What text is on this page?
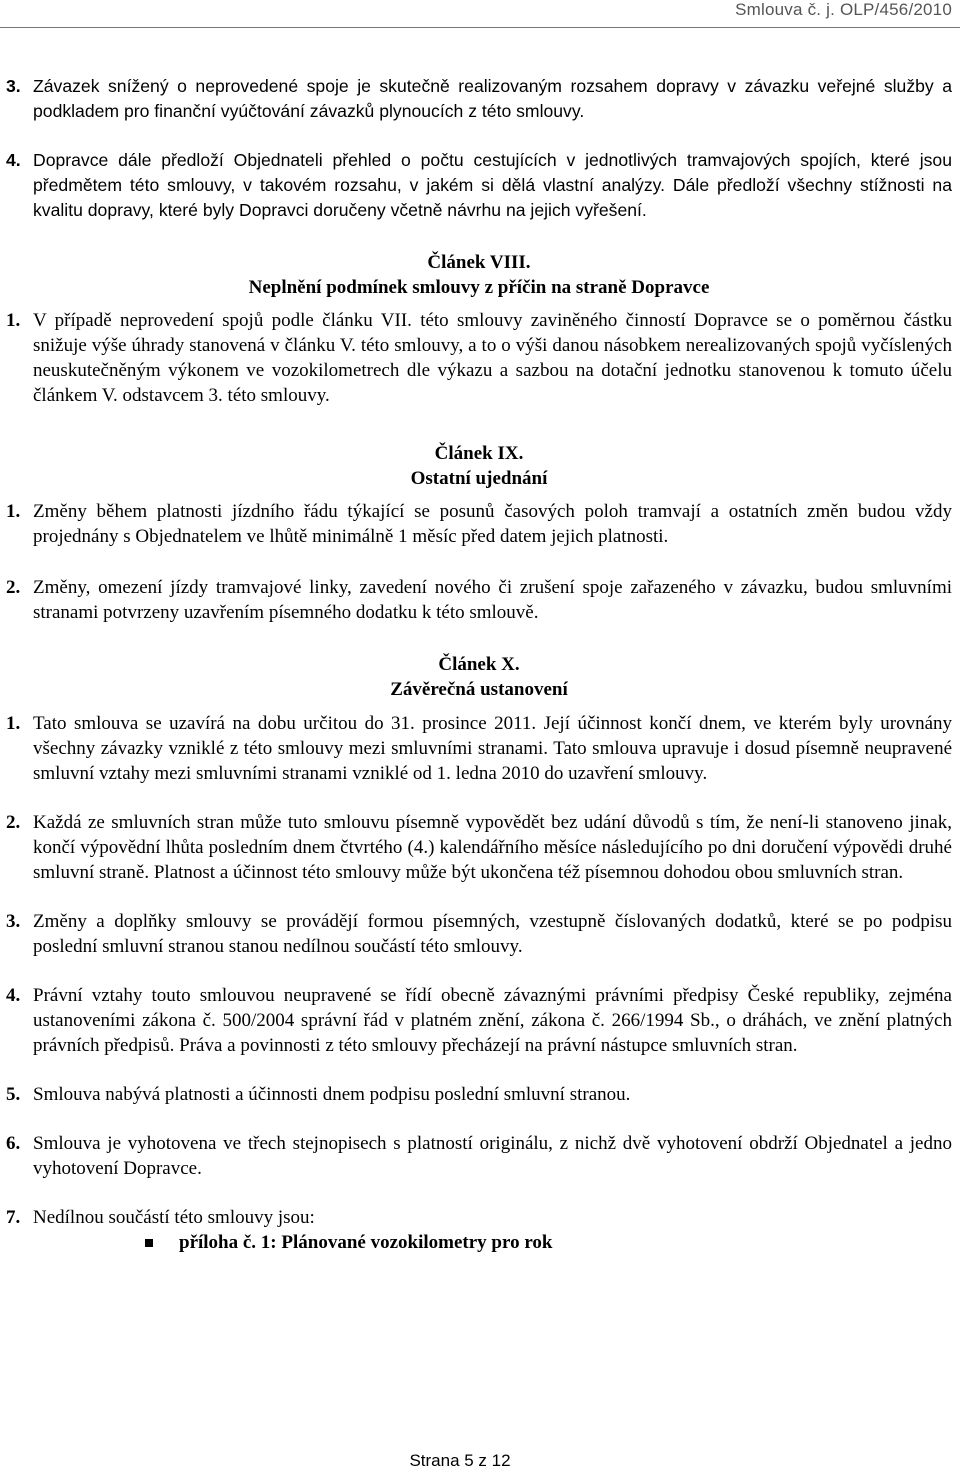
Smlouva č. j. OLP/456/2010
3. Závazek snížený o neprovedené spoje je skutečně realizovaným rozsahem dopravy v závazku veřejné služby a podkladem pro finanční vyúčtování závazků plynoucích z této smlouvy.
4. Dopravce dále předloží Objednateli přehled o počtu cestujících v jednotlivých tramvajových spojích, které jsou předmětem této smlouvy, v takovém rozsahu, v jakém si dělá vlastní analýzy. Dále předloží všechny stížnosti na kvalitu dopravy, které byly Dopravci doručeny včetně návrhu na jejich vyřešení.
Článek VIII.
Neplnění podmínek smlouvy z příčin na straně Dopravce
1. V případě neprovedení spojů podle článku VII. této smlouvy zaviněného činností Dopravce se o poměrnou částku snižuje výše úhrady stanovená v článku V. této smlouvy, a to o výši danou násobkem nerealizovaných spojů vyčíslených neuskutečněným výkonem ve vozokilometrech dle výkazu a sazbou na dotační jednotku stanovenou k tomuto účelu článkem V. odstavcem 3. této smlouvy.
Článek IX.
Ostatní ujednání
1. Změny během platnosti jízdního řádu týkající se posunů časových poloh tramvají a ostatních změn budou vždy projednány s Objednatelem ve lhůtě minimálně 1 měsíc před datem jejich platnosti.
2. Změny, omezení jízdy tramvajové linky, zavedení nového či zrušení spoje zařazeného v závazku, budou smluvními stranami potvrzeny uzavřením písemného dodatku k této smlouvě.
Článek X.
Závěrečná ustanovení
1. Tato smlouva se uzavírá na dobu určitou do 31. prosince 2011. Její účinnost končí dnem, ve kterém byly urovnány všechny závazky vzniklé z této smlouvy mezi smluvními stranami. Tato smlouva upravuje i dosud písemně neupravené smluvní vztahy mezi smluvními stranami vzniklé od 1. ledna 2010 do uzavření smlouvy.
2. Každá ze smluvních stran může tuto smlouvu písemně vypovědět bez udání důvodů s tím, že není-li stanoveno jinak, končí výpovědní lhůta posledním dnem čtvrtého (4.) kalendářního měsíce následujícího po dni doručení výpovědi druhé smluvní straně. Platnost a účinnost této smlouvy může být ukončena též písemnou dohodou obou smluvních stran.
3. Změny a doplňky smlouvy se provádějí formou písemných, vzestupně číslovaných dodatků, které se po podpisu poslední smluvní stranou stanou nedílnou součástí této smlouvy.
4. Právní vztahy touto smlouvou neupravené se řídí obecně závaznými právními předpisy České republiky, zejména ustanoveními zákona č. 500/2004 správní řád v platném znění, zákona č. 266/1994 Sb., o dráhách, ve znění platných právních předpisů. Práva a povinnosti z této smlouvy přecházejí na právní nástupce smluvních stran.
5. Smlouva nabývá platnosti a účinnosti dnem podpisu poslední smluvní stranou.
6. Smlouva je vyhotovena ve třech stejnopisech s platností originálu, z nichž dvě vyhotovení obdrží Objednatel a jedno vyhotovení Dopravce.
7. Nedílnou součástí této smlouvy jsou:
příloha č. 1: Plánované vozokilometry pro rok
Strana 5 z 12
